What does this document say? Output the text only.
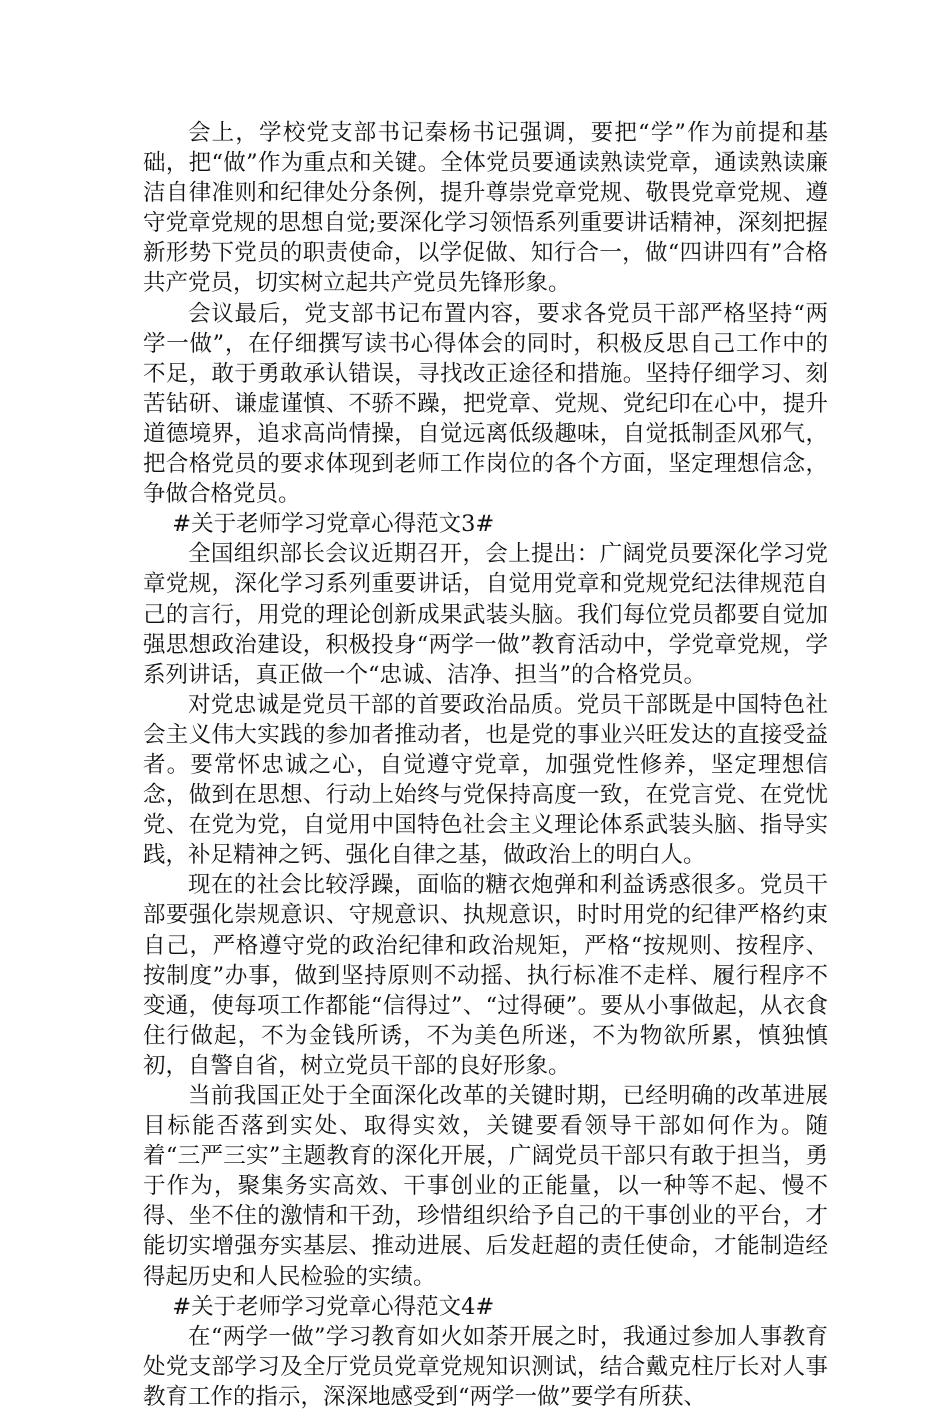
会上，学校党支部书记秦杨书记强调，要把“学”作为前提和基础，把“做”作为重点和关键。全体党员要通读熟读党章，通读熟读廉洁自律准则和纪律处分条例，提升尊崇党章党规、敬畏党章党规、遵守党章党规的思想自觉;要深化学习领悟系列重要讲话精神，深刻把握新形势下党员的职责使命，以学促做、知行合一，做“四讲四有”合格共产党员，切实树立起共产党员先锋形象。

会议最后，党支部书记布置内容，要求各党员干部严格坚持“两学一做”，在仔细撰写读书心得体会的同时，积极反思自己工作中的不足，敢于勇敢承认错误，寻找改正途径和措施。坚持仔细学习、刻苦钻研、谦虚谨慎、不骄不躁，把党章、党规、党纪印在心中，提升道德境界，追求高尚情操，自觉远离低级趣味，自觉抵制歪风邪气，把合格党员的要求体现到老师工作岗位的各个方面，坚定理想信念，争做合格党员。

#关于老师学习党章心得范文3#

全国组织部长会议近期召开，会上提出：广阔党员要深化学习党章党规，深化学习系列重要讲话，自觉用党章和党规党纪法律规范自己的言行，用党的理论创新成果武装头脑。我们每位党员都要自觉加强思想政治建设，积极投身“两学一做”教育活动中，学党章党规，学系列讲话，真正做一个“忠诚、洁净、担当”的合格党员。

对党忠诚是党员干部的首要政治品质。党员干部既是中国特色社会主义伟大实践的参加者推动者，也是党的事业兴旺发达的直接受益者。要常怀忠诚之心，自觉遵守党章，加强党性修养，坚定理想信念，做到在思想、行动上始终与党保持高度一致，在党言党、在党忧党、在党为党，自觉用中国特色社会主义理论体系武装头脑、指导实践，补足精神之钙、强化自律之基，做政治上的明白人。

现在的社会比较浮躁，面临的糖衣炮弹和利益诱惑很多。党员干部要强化崇规意识、守规意识、执规意识，时时用党的纪律严格约束自己，严格遵守党的政治纪律和政治规矩，严格“按规则、按程序、按制度”办事，做到坚持原则不动摇、执行标准不走样、履行程序不变通，使每项工作都能“信得过”、“过得硬”。要从小事做起，从衣食住行做起，不为金钱所诱，不为美色所迷，不为物欲所累，慎独慎初，自警自省，树立党员干部的良好形象。

当前我国正处于全面深化改革的关键时期，已经明确的改革进展目标能否落到实处、取得实效，关键要看领导干部如何作为。随着“三严三实”主题教育的深化开展，广阔党员干部只有敢于担当，勇于作为，聚集务实高效、干事创业的正能量，以一种等不起、慢不得、坐不住的激情和干劲，珍惜组织给予自己的干事创业的平台，才能切实增强夯实基层、推动进展、后发赶超的责任使命，才能制造经得起历史和人民检验的实绩。

#关于老师学习党章心得范文4#

在“两学一做”学习教育如火如荼开展之时，我通过参加人事教育处党支部学习及全厅党员党章党规知识测试，结合戴克柱厅长对人事教育工作的指示，深深地感受到“两学一做”要学有所获、
